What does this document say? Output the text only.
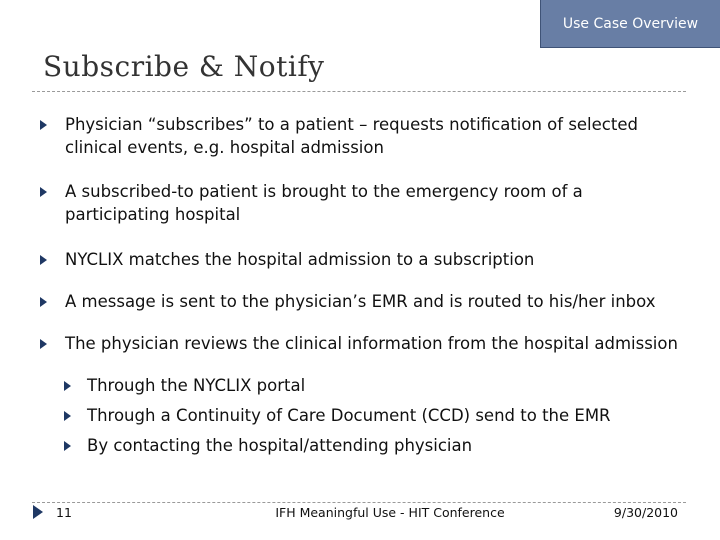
Use Case Overview
Subscribe & Notify
Physician “subscribes” to a patient – requests notification of selected clinical events, e.g. hospital admission
A subscribed-to patient is brought to the emergency room of a participating hospital
NYCLIX matches the hospital admission to a subscription
A message is sent to the physician’s EMR and is routed to his/her inbox
The physician reviews the clinical information from the hospital admission
Through the NYCLIX portal
Through a Continuity of Care Document (CCD) send to the EMR
By contacting the hospital/attending physician
11	IFH Meaningful Use - HIT Conference	9/30/2010
